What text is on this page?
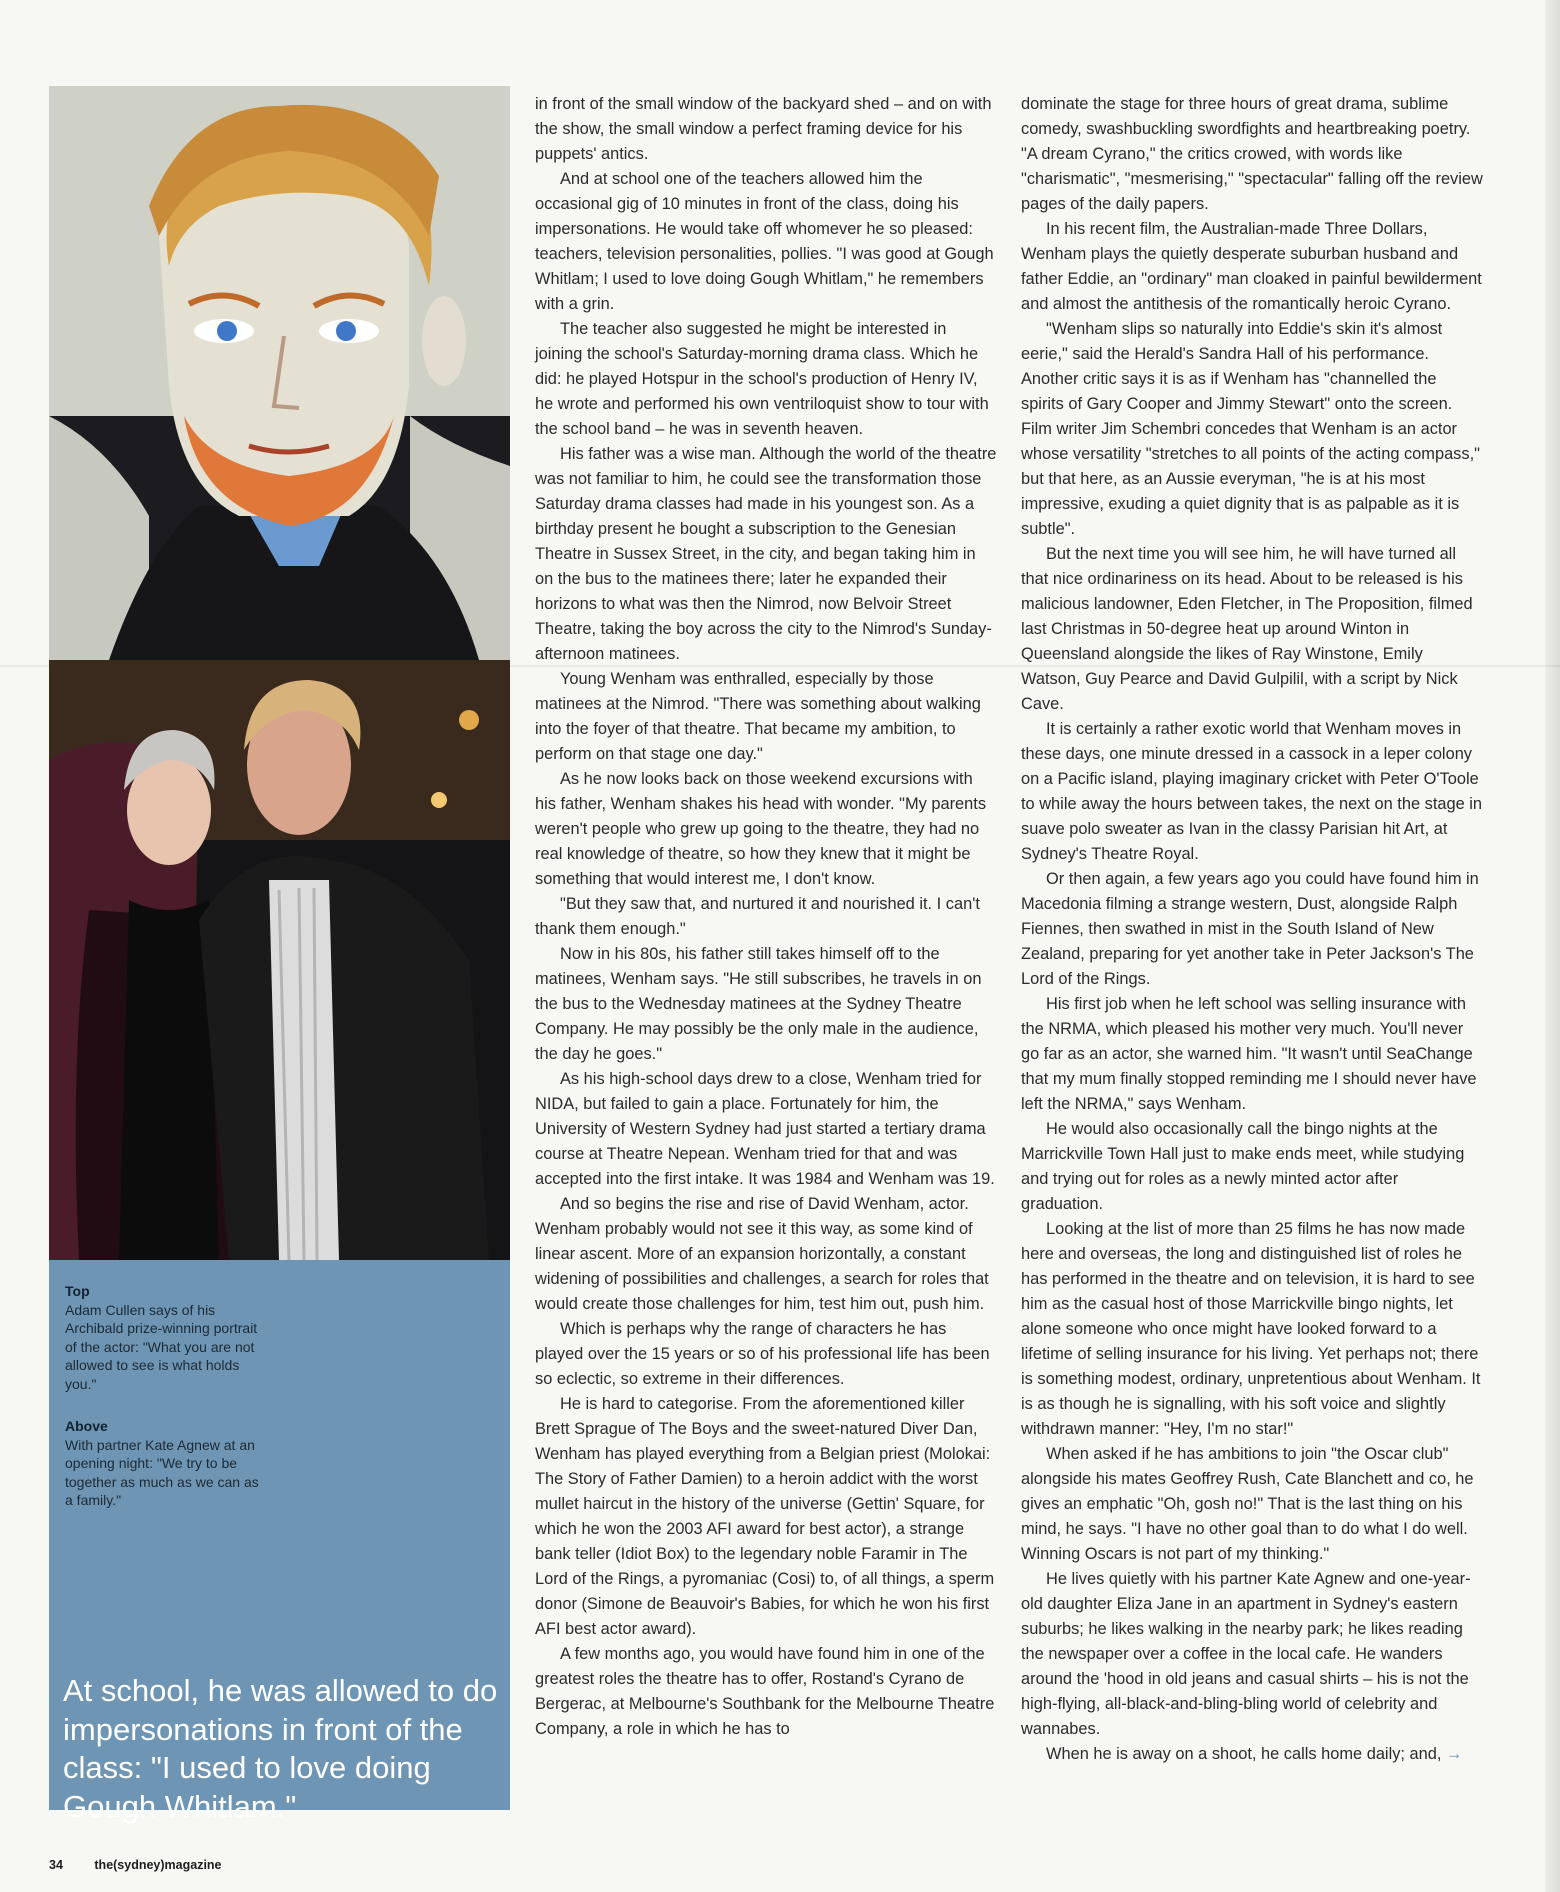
Top
Adam Cullen says of his Archibald prize-winning portrait of the actor: "What you are not allowed to see is what holds you."
Above
With partner Kate Agnew at an opening night: "We try to be together as much as we can as a family."
At school, he was allowed to do impersonations in front of the class: "I used to love doing Gough Whitlam."

in front of the small window of the backyard shed – and on with the show, the small window a perfect framing device for his puppets' antics.

And at school one of the teachers allowed him the occasional gig of 10 minutes in front of the class, doing his impersonations. He would take off whomever he so pleased: teachers, television personalities, pollies. "I was good at Gough Whitlam; I used to love doing Gough Whitlam," he remembers with a grin.

The teacher also suggested he might be interested in joining the school's Saturday-morning drama class. Which he did: he played Hotspur in the school's production of Henry IV, he wrote and performed his own ventriloquist show to tour with the school band – he was in seventh heaven.

His father was a wise man. Although the world of the theatre was not familiar to him, he could see the transformation those Saturday drama classes had made in his youngest son. As a birthday present he bought a subscription to the Genesian Theatre in Sussex Street, in the city, and began taking him in on the bus to the matinees there; later he expanded their horizons to what was then the Nimrod, now Belvoir Street Theatre, taking the boy across the city to the Nimrod's Sunday-afternoon matinees.

Young Wenham was enthralled, especially by those matinees at the Nimrod. "There was something about walking into the foyer of that theatre. That became my ambition, to perform on that stage one day."

As he now looks back on those weekend excursions with his father, Wenham shakes his head with wonder. "My parents weren't people who grew up going to the theatre, they had no real knowledge of theatre, so how they knew that it might be something that would interest me, I don't know.

"But they saw that, and nurtured it and nourished it. I can't thank them enough."

Now in his 80s, his father still takes himself off to the matinees, Wenham says. "He still subscribes, he travels in on the bus to the Wednesday matinees at the Sydney Theatre Company. He may possibly be the only male in the audience, the day he goes."

As his high-school days drew to a close, Wenham tried for NIDA, but failed to gain a place. Fortunately for him, the University of Western Sydney had just started a tertiary drama course at Theatre Nepean. Wenham tried for that and was accepted into the first intake. It was 1984 and Wenham was 19.

And so begins the rise and rise of David Wenham, actor. Wenham probably would not see it this way, as some kind of linear ascent. More of an expansion horizontally, a constant widening of possibilities and challenges, a search for roles that would create those challenges for him, test him out, push him.

Which is perhaps why the range of characters he has played over the 15 years or so of his professional life has been so eclectic, so extreme in their differences.

He is hard to categorise. From the aforementioned killer Brett Sprague of The Boys and the sweet-natured Diver Dan, Wenham has played everything from a Belgian priest (Molokai: The Story of Father Damien) to a heroin addict with the worst mullet haircut in the history of the universe (Gettin' Square, for which he won the 2003 AFI award for best actor), a strange bank teller (Idiot Box) to the legendary noble Faramir in The Lord of the Rings, a pyromaniac (Cosi) to, of all things, a sperm donor (Simone de Beauvoir's Babies, for which he won his first AFI best actor award).

A few months ago, you would have found him in one of the greatest roles the theatre has to offer, Rostand's Cyrano de Bergerac, at Melbourne's Southbank for the Melbourne Theatre Company, a role in which he has to

dominate the stage for three hours of great drama, sublime comedy, swashbuckling swordfights and heartbreaking poetry. "A dream Cyrano," the critics crowed, with words like "charismatic", "mesmerising," "spectacular" falling off the review pages of the daily papers.

In his recent film, the Australian-made Three Dollars, Wenham plays the quietly desperate suburban husband and father Eddie, an "ordinary" man cloaked in painful bewilderment and almost the antithesis of the romantically heroic Cyrano.

"Wenham slips so naturally into Eddie's skin it's almost eerie," said the Herald's Sandra Hall of his performance. Another critic says it is as if Wenham has "channelled the spirits of Gary Cooper and Jimmy Stewart" onto the screen. Film writer Jim Schembri concedes that Wenham is an actor whose versatility "stretches to all points of the acting compass," but that here, as an Aussie everyman, "he is at his most impressive, exuding a quiet dignity that is as palpable as it is subtle".

But the next time you will see him, he will have turned all that nice ordinariness on its head. About to be released is his malicious landowner, Eden Fletcher, in The Proposition, filmed last Christmas in 50-degree heat up around Winton in Queensland alongside the likes of Ray Winstone, Emily Watson, Guy Pearce and David Gulpilil, with a script by Nick Cave.

It is certainly a rather exotic world that Wenham moves in these days, one minute dressed in a cassock in a leper colony on a Pacific island, playing imaginary cricket with Peter O'Toole to while away the hours between takes, the next on the stage in suave polo sweater as Ivan in the classy Parisian hit Art, at Sydney's Theatre Royal.

Or then again, a few years ago you could have found him in Macedonia filming a strange western, Dust, alongside Ralph Fiennes, then swathed in mist in the South Island of New Zealand, preparing for yet another take in Peter Jackson's The Lord of the Rings.

His first job when he left school was selling insurance with the NRMA, which pleased his mother very much. You'll never go far as an actor, she warned him. "It wasn't until SeaChange that my mum finally stopped reminding me I should never have left the NRMA," says Wenham.

He would also occasionally call the bingo nights at the Marrickville Town Hall just to make ends meet, while studying and trying out for roles as a newly minted actor after graduation.

Looking at the list of more than 25 films he has now made here and overseas, the long and distinguished list of roles he has performed in the theatre and on television, it is hard to see him as the casual host of those Marrickville bingo nights, let alone someone who once might have looked forward to a lifetime of selling insurance for his living. Yet perhaps not; there is something modest, ordinary, unpretentious about Wenham. It is as though he is signalling, with his soft voice and slightly withdrawn manner: "Hey, I'm no star!"

When asked if he has ambitions to join "the Oscar club" alongside his mates Geoffrey Rush, Cate Blanchett and co, he gives an emphatic "Oh, gosh no!" That is the last thing on his mind, he says. "I have no other goal than to do what I do well. Winning Oscars is not part of my thinking."

He lives quietly with his partner Kate Agnew and one-year-old daughter Eliza Jane in an apartment in Sydney's eastern suburbs; he likes walking in the nearby park; he likes reading the newspaper over a coffee in the local cafe. He wanders around the 'hood in old jeans and casual shirts – his is not the high-flying, all-black-and-bling-bling world of celebrity and wannabes.

When he is away on a shoot, he calls home daily; and, →

34	the(sydney)magazine
